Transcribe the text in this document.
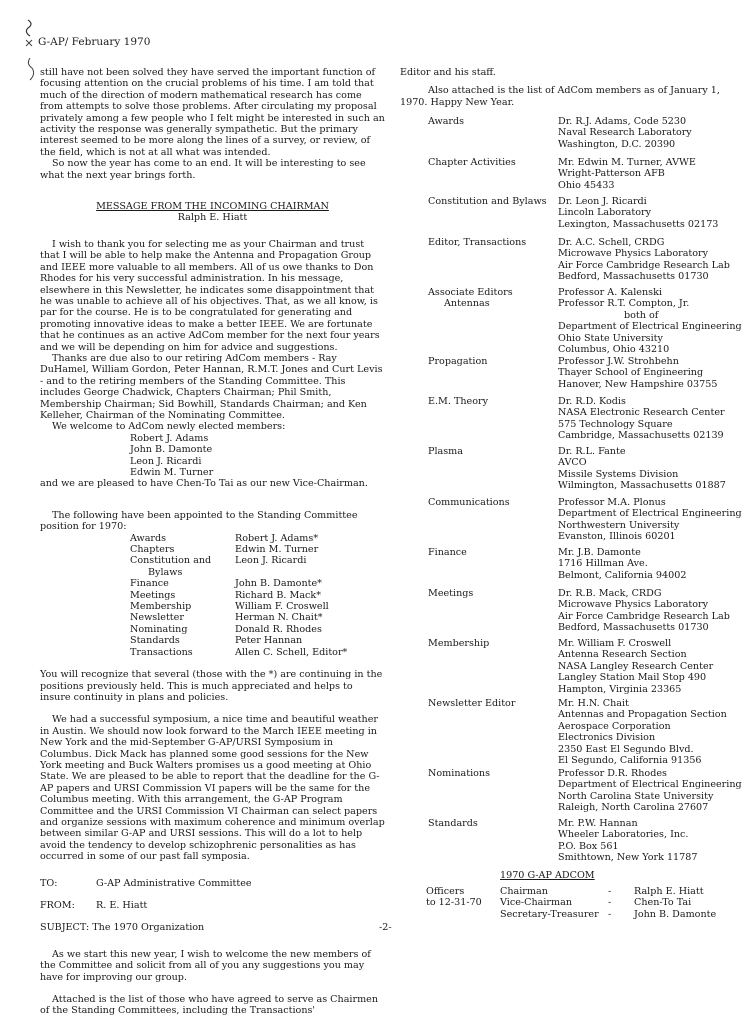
G-AP/ February 1970

still have not been solved they have served the important function of focusing attention on the crucial problems of his time. I am told that much of the direction of modern mathematical research has come from attempts to solve those problems. After circulating my proposal privately among a few people who I felt might be interested in such an activity the response was generally sympathetic. But the primary interest seemed to be more along the lines of a survey, or review, of the field, which is not at all what was intended.

So now the year has come to an end. It will be interesting to see what the next year brings forth.

MESSAGE FROM THE INCOMING CHAIRMAN
Ralph E. Hiatt

I wish to thank you for selecting me as your Chairman and trust that I will be able to help make the Antenna and Propagation Group and IEEE more valuable to all members. All of us owe thanks to Don Rhodes for his very successful administration. In his message, elsewhere in this Newsletter, he indicates some disappointment that he was unable to achieve all of his objectives. That, as we all know, is par for the course. He is to be congratulated for generating and promoting innovative ideas to make a better IEEE. We are fortunate that he continues as an active AdCom member for the next four years and we will be depending on him for advice and suggestions.

Thanks are due also to our retiring AdCom members - Ray DuHamel, William Gordon, Peter Hannan, R.M.T. Jones and Curt Levis - and to the retiring members of the Standing Committee. This includes George Chadwick, Chapters Chairman; Phil Smith, Membership Chairman; Sid Bowhill, Standards Chairman; and Ken Kelleher, Chairman of the Nominating Committee.

We welcome to AdCom newly elected members:

Robert J. Adams
John B. Damonte
Leon J. Ricardi
Edwin M. Turner

and we are pleased to have Chen-To Tai as our new Vice-Chairman.

The following have been appointed to the Standing Committee position for 1970:

Awards	Robert J. Adams*
Chapters	Edwin M. Turner
Constitution and	Leon J. Ricardi
Bylaws	
Finance	John B. Damonte*
Meetings	Richard B. Mack*
Membership	William F. Croswell
Newsletter	Herman N. Chait*
Nominating	Donald R. Rhodes
Standards	Peter Hannan
Transactions	Allen C. Schell, Editor*

You will recognize that several (those with the *) are continuing in the positions previously held. This is much appreciated and helps to insure continuity in plans and policies.

We had a successful symposium, a nice time and beautiful weather in Austin. We should now look forward to the March IEEE meeting in New York and the mid-September G-AP/URSI Symposium in Columbus. Dick Mack has planned some good sessions for the New York meeting and Buck Walters promises us a good meeting at Ohio State. We are pleased to be able to report that the deadline for the G-AP papers and URSI Commission VI papers will be the same for the Columbus meeting. With this arrangement, the G-AP Program Committee and the URSI Commission VI Chairman can select papers and organize sessions with maximum coherence and minimum overlap between similar G-AP and URSI sessions. This will do a lot to help avoid the tendency to develop schizophrenic personalities as has occurred in some of our past fall symposia.

TO:	G-AP Administrative Committee
FROM:	R. E. Hiatt
SUBJECT: The 1970 Organization

As we start this new year, I wish to welcome the new members of the Committee and solicit from all of you any suggestions you may have for improving our group.

Attached is the list of those who have agreed to serve as Chairmen of the Standing Committees, including the Transactions'

-2-

Editor and his staff.

Also attached is the list of AdCom members as of January 1, 1970. Happy New Year.

Awards	Dr. R.J. Adams, Code 5230
Naval Research Laboratory
Washington, D.C. 20390
Chapter Activities	Mr. Edwin M. Turner, AVWE
Wright-Patterson AFB
Ohio 45433
Constitution and Bylaws	Dr. Leon J. Ricardi
Lincoln Laboratory
Lexington, Massachusetts 02173
Editor, Transactions	Dr. A.C. Schell, CRDG
Microwave Physics Laboratory
Air Force Cambridge Research Lab
Bedford, Massachusetts 01730
Associate Editors
Antennas
Professor A. Kalenski
Professor R.T. Compton, Jr.
both of
Department of Electrical Engineering
Ohio State University
Columbus, Ohio 43210
Propagation	Professor J.W. Strohbehn
Thayer School of Engineering
Hanover, New Hampshire 03755
E.M. Theory	Dr. R.D. Kodis
NASA Electronic Research Center
575 Technology Square
Cambridge, Massachusetts 02139
Plasma	Dr. R.L. Fante
AVCO
Missile Systems Division
Wilmington, Massachusetts 01887
Communications	Professor M.A. Plonus
Department of Electrical Engineering
Northwestern University
Evanston, Illinois 60201
Finance	Mr. J.B. Damonte
1716 Hillman Ave.
Belmont, California 94002
Meetings	Dr. R.B. Mack, CRDG
Microwave Physics Laboratory
Air Force Cambridge Research Lab
Bedford, Massachusetts 01730
Membership	Mr. William F. Croswell
Antenna Research Section
NASA Langley Research Center
Langley Station Mail Stop 490
Hampton, Virginia 23365
Newsletter Editor	Mr. H.N. Chait
Antennas and Propagation Section
Aerospace Corporation
Electronics Division
2350 East El Segundo Blvd.
El Segundo, California 91356
Nominations	Professor D.R. Rhodes
Department of Electrical Engineering
North Carolina State University
Raleigh, North Carolina 27607
Standards	Mr. P.W. Hannan
Wheeler Laboratories, Inc.
P.O. Box 561
Smithtown, New York 11787
1970 G-AP ADCOM
Officers
to 12-31-70
Chairman	-	Ralph E. Hiatt
Vice-Chairman	-	Chen-To Tai
Secretary-Treasurer -	John B. Damonte
